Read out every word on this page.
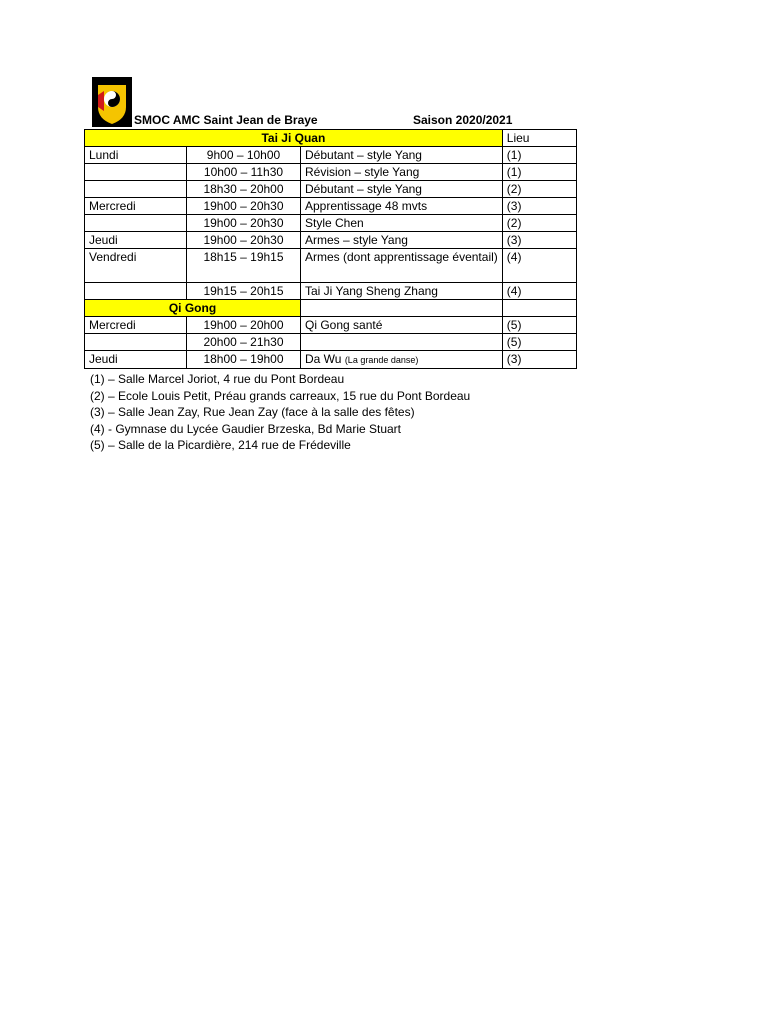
SMOC AMC Saint Jean de Braye	Saison 2020/2021
Tai Ji Quan			Lieu
Lundi	9h00 – 10h00	Débutant – style Yang	(1)
	10h00 – 11h30	Révision – style Yang	(1)
	18h30 – 20h00	Débutant – style Yang	(2)
Mercredi	19h00 – 20h30	Apprentissage 48 mvts	(3)
	19h00 – 20h30	Style Chen	(2)
Jeudi	19h00 – 20h30	Armes – style Yang	(3)
Vendredi	18h15 – 19h15	Armes (dont apprentissage éventail)	(4)
	19h15 – 20h15	Tai Ji Yang Sheng Zhang	(4)
Qi Gong			
Mercredi	19h00 – 20h00	Qi Gong santé	(5)
	20h00 – 21h30		(5)
Jeudi	18h00 – 19h00	Da Wu (La grande danse)	(3)
(1) – Salle Marcel Joriot, 4 rue du Pont Bordeau
(2) – Ecole Louis Petit, Préau grands carreaux, 15 rue du Pont Bordeau
(3) – Salle Jean Zay, Rue Jean Zay (face à la salle des fêtes)
(4) - Gymnase du Lycée Gaudier Brzeska, Bd Marie Stuart
(5) – Salle de la Picardière, 214 rue de Frédeville
